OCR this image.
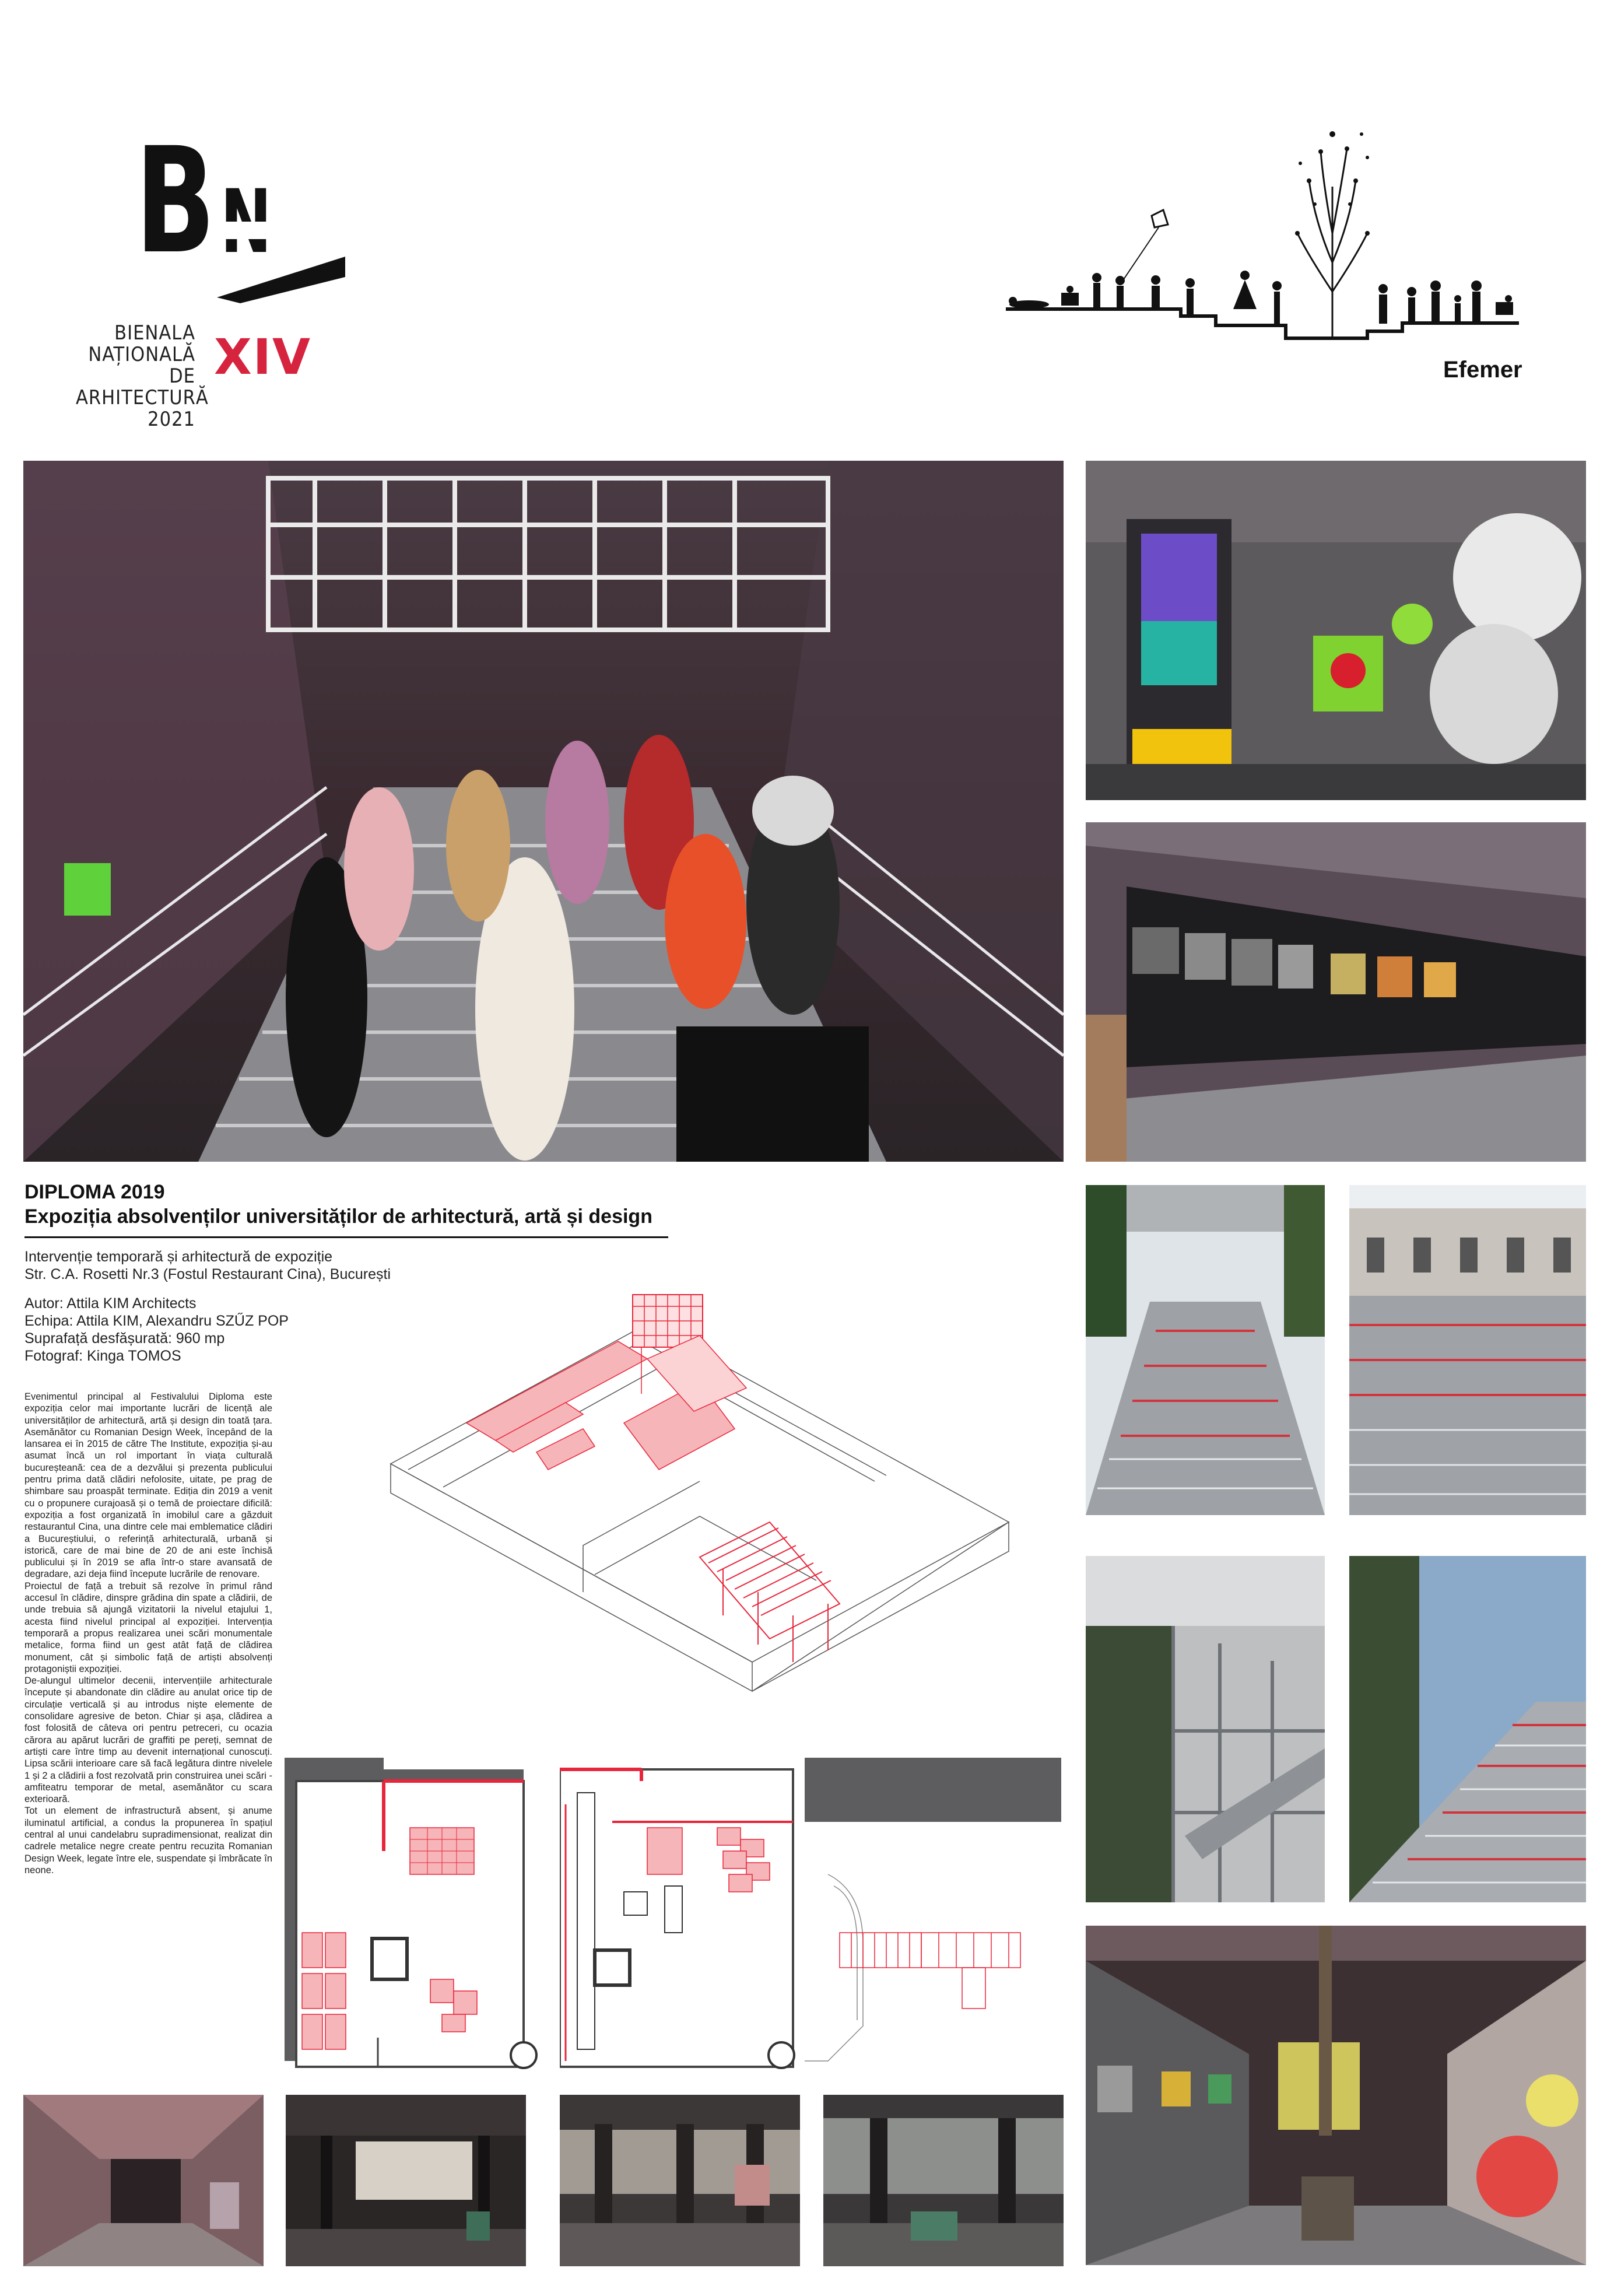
B
BIENALA
NAȚIONALĂ
DE
ARHITECTURĂ
2021
XIV	Efemer
DIPLOMA 2019
Expoziția absolvenților universităților de arhitectură, artă și design
Intervenție temporară și arhitectură de expoziție
Str. C.A. Rosetti Nr.3 (Fostul Restaurant Cina), București
Autor: Attila KIM Architects
Echipa: Attila KIM, Alexandru SZŰZ POP
Suprafață desfășurată: 960 mp
Fotograf: Kinga TOMOS
Evenimentul principal al Festivalului Diploma este expoziția celor mai importante lucrări de licență ale universităților de arhitectură, artă și design din toată țara. Asemănător cu Romanian Design Week, începând de la lansarea ei în 2015 de către The Institute, expoziția și-au asumat încă un rol important în viața culturală bucureșteană: cea de a dezvălui și prezenta publicului pentru prima dată clădiri nefolosite, uitate, pe prag de shimbare sau proaspăt terminate. Ediția din 2019 a venit cu o propunere curajoasă și o temă de proiectare dificilă: expoziția a fost organizată în imobilul care a găzduit restaurantul Cina, una dintre cele mai emblematice clădiri a Bucureștiului, o referință arhitecturală, urbană și istorică, care de mai bine de 20 de ani este închisă publicului și în 2019 se afla într-o stare avansată de degradare, azi deja fiind începute lucrările de renovare.
Proiectul de față a trebuit să rezolve în primul rând accesul în clădire, dinspre grădina din spate a clădirii, de unde trebuia să ajungă vizitatorii la nivelul etajului 1, acesta fiind nivelul principal al expoziției. Intervenția temporară a propus realizarea unei scări monumentale metalice, forma fiind un gest atât față de clădirea monument, cât și simbolic față de artiști absolvenți protagoniștii expoziției.
De-alungul ultimelor decenii, intervențiile arhitecturale începute și abandonate din clădire au anulat orice tip de circulație verticală și au introdus niște elemente de consolidare agresive de beton. Chiar și așa, clădirea a fost folosită de câteva ori pentru petreceri, cu ocazia cărora au apărut lucrări de graffiti pe pereți, semnat de artiști care între timp au devenit internațional cunoscuți. Lipsa scării interioare care să facă legătura dintre nivelele 1 și 2 a clădirii a fost rezolvată prin construirea unei scări - amfiteatru temporar de metal, asemănător cu scara exterioară.
Tot un element de infrastructură absent, și anume iluminatul artificial, a condus la propunerea în spațiul central al unui candelabru supradimensionat, realizat din cadrele metalice negre create pentru recuzita Romanian Design Week, legate între ele, suspendate și îmbrăcate în neone.
